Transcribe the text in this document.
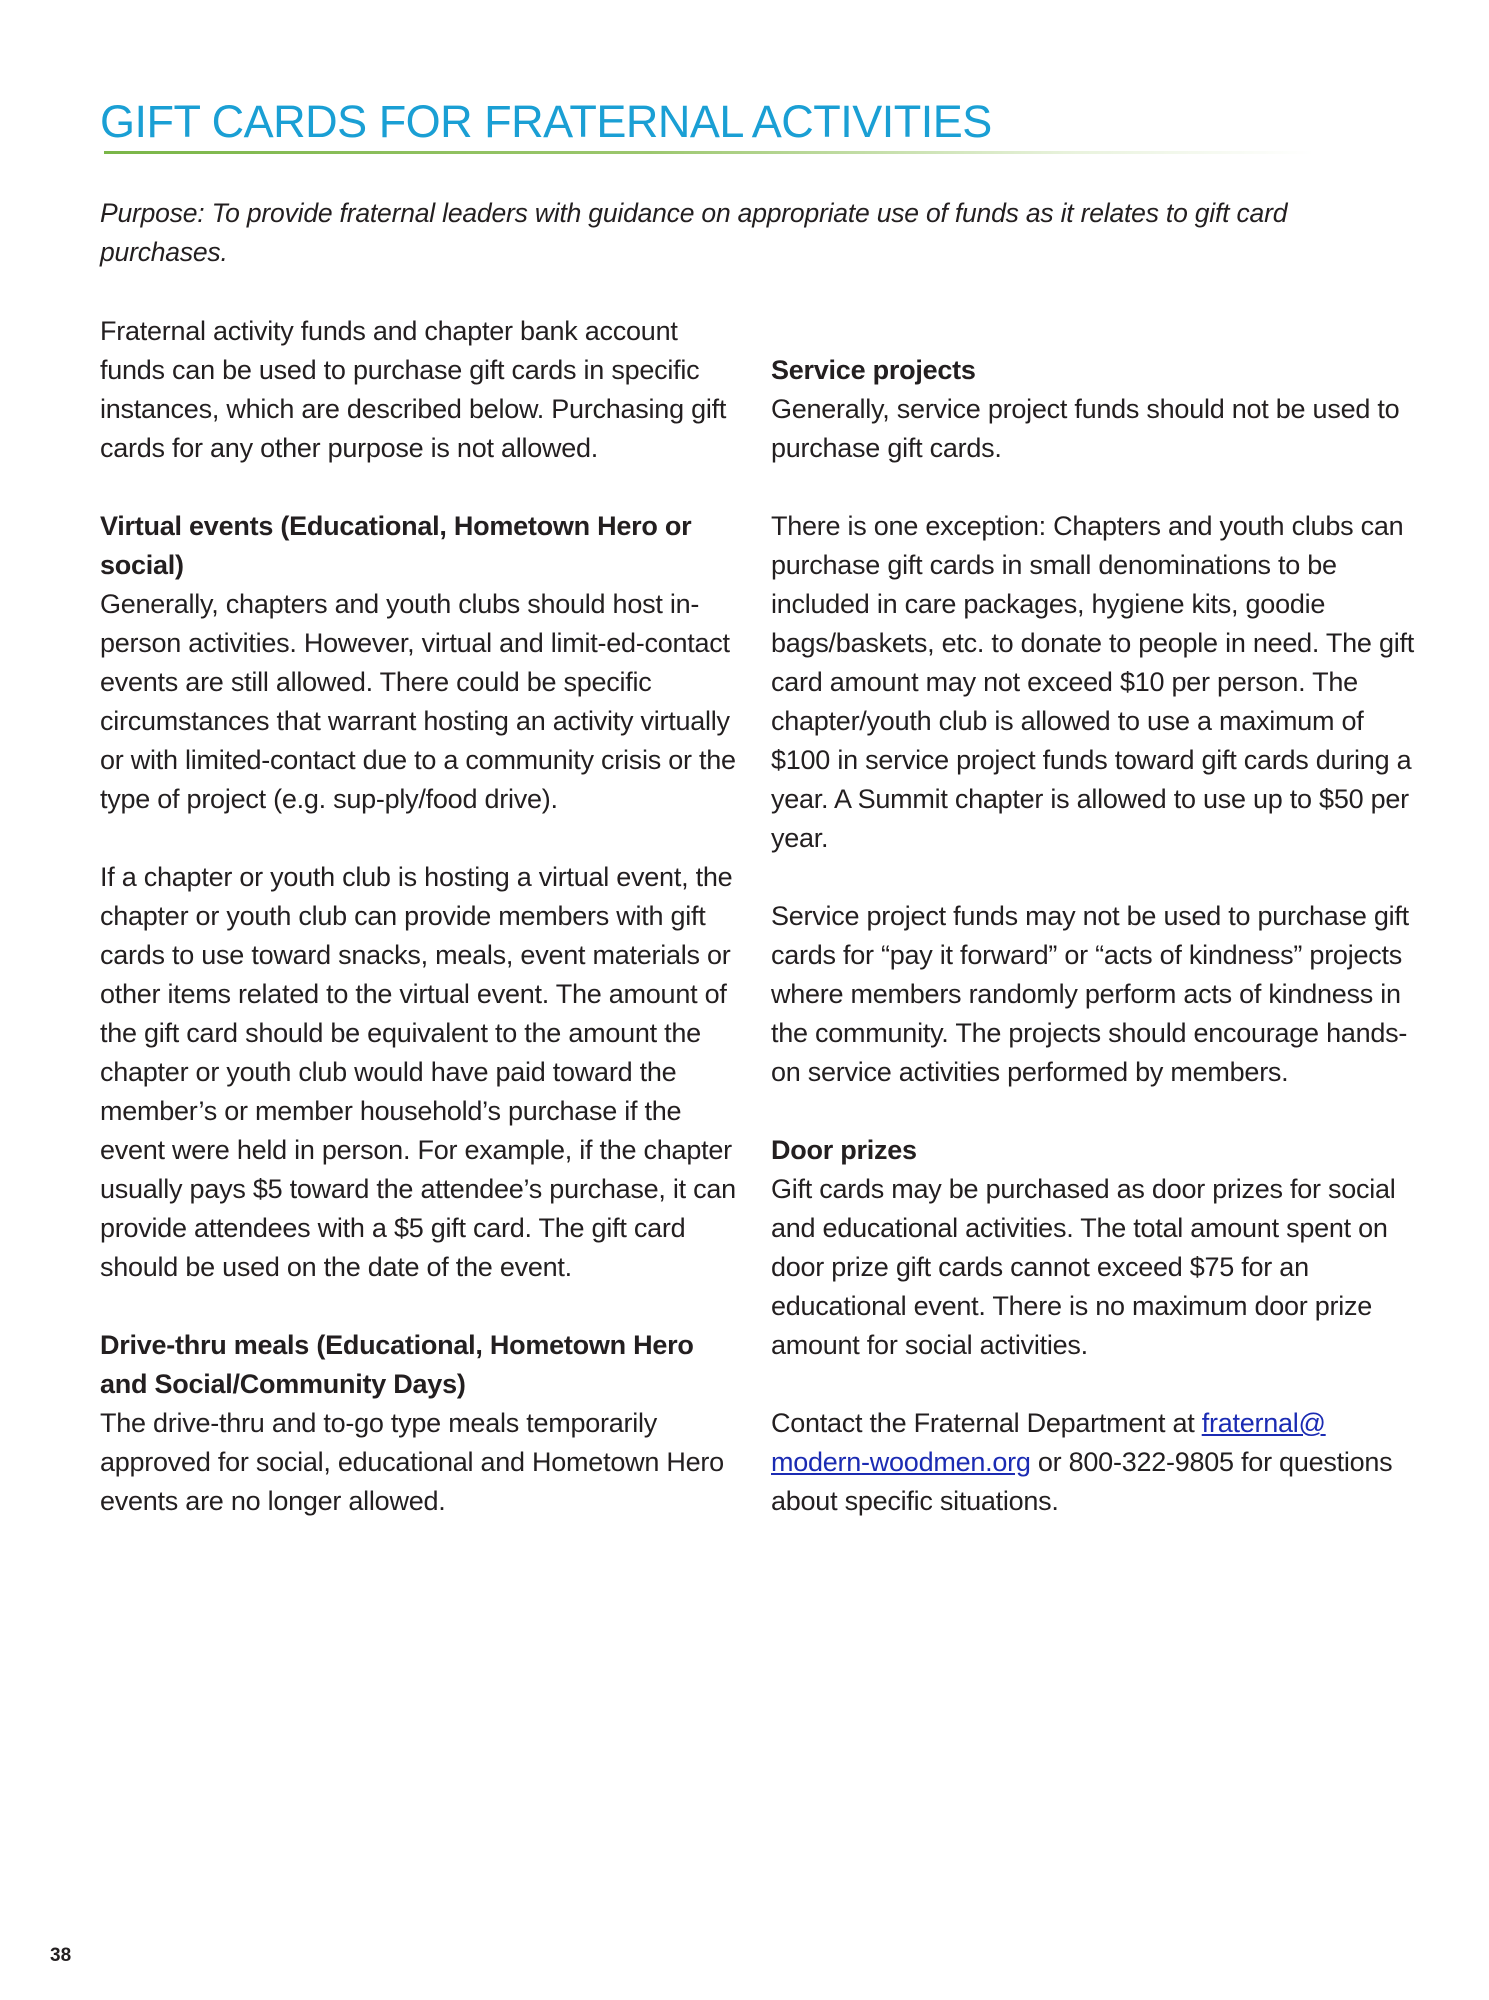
GIFT CARDS FOR FRATERNAL ACTIVITIES

Purpose: To provide fraternal leaders with guidance on appropriate use of funds as it relates to gift card purchases.

Fraternal activity funds and chapter bank account funds can be used to purchase gift cards in specific instances, which are described below. Purchasing gift cards for any other purpose is not allowed.

Virtual events (Educational, Hometown Hero or social)

Generally, chapters and youth clubs should host in-person activities. However, virtual and limit-ed-contact events are still allowed. There could be specific circumstances that warrant hosting an activity virtually or with limited-contact due to a community crisis or the type of project (e.g. sup-ply/food drive).

If a chapter or youth club is hosting a virtual event, the chapter or youth club can provide members with gift cards to use toward snacks, meals, event materials or other items related to the virtual event. The amount of the gift card should be equivalent to the amount the chapter or youth club would have paid toward the member’s or member household’s purchase if the event were held in person. For example, if the chapter usually pays $5 toward the attendee’s purchase, it can provide attendees with a $5 gift card. The gift card should be used on the date of the event.

Drive-thru meals (Educational, Hometown Hero and Social/Community Days)

The drive-thru and to-go type meals temporarily approved for social, educational and Hometown Hero events are no longer allowed.

Service projects

Generally, service project funds should not be used to purchase gift cards.

There is one exception: Chapters and youth clubs can purchase gift cards in small denominations to be included in care packages, hygiene kits, goodie bags/baskets, etc. to donate to people in need. The gift card amount may not exceed $10 per person. The chapter/youth club is allowed to use a maximum of $100 in service project funds toward gift cards during a year. A Summit chapter is allowed to use up to $50 per year.

Service project funds may not be used to purchase gift cards for “pay it forward” or “acts of kindness” projects where members randomly perform acts of kindness in the community. The projects should encourage hands-on service activities performed by members.

Door prizes

Gift cards may be purchased as door prizes for social and educational activities. The total amount spent on door prize gift cards cannot exceed $75 for an educational event. There is no maximum door prize amount for social activities.

Contact the Fraternal Department at fraternal@ modern-woodmen.org or 800-322-9805 for questions about specific situations.

38
